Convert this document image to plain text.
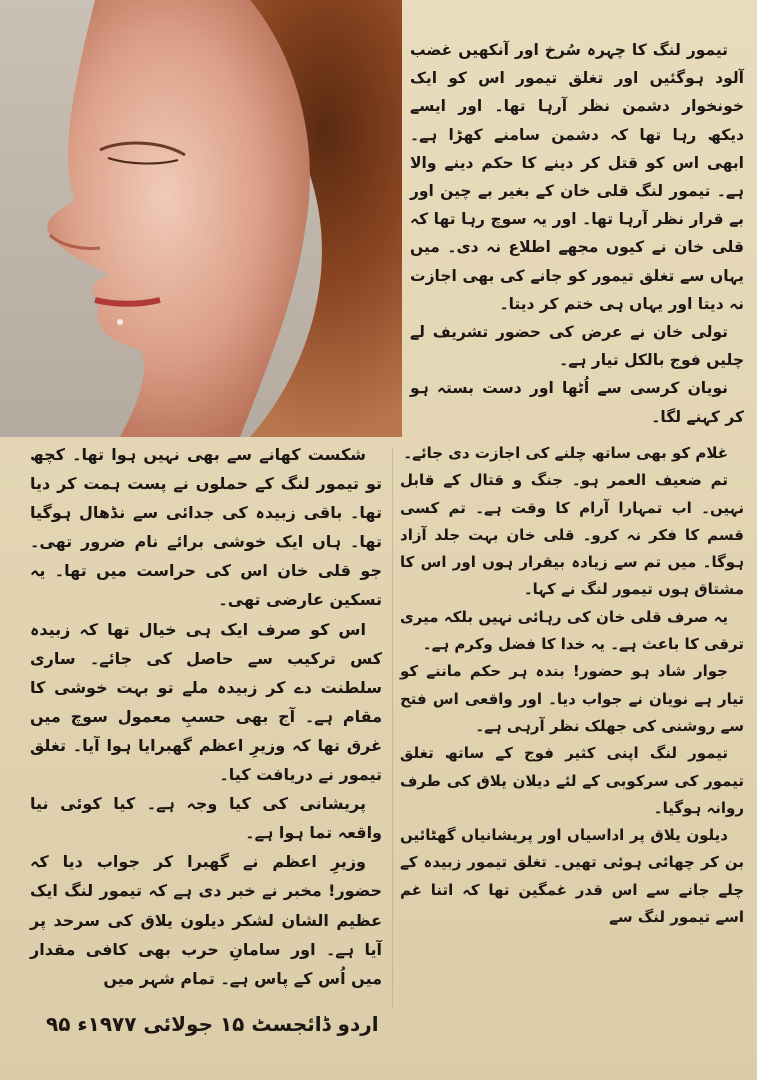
تیمور لنگ کا چہرہ سُرخ اور آنکھیں غضب آلود ہوگئیں اور تغلق تیمور اس کو ایک خونخوار دشمن نظر آرہا تھا۔ اور ایسے دیکھ رہا تھا کہ دشمن سامنے کھڑا ہے۔ ابھی اس کو قتل کر دینے کا حکم دینے والا ہے۔ تیمور لنگ قلی خان کے بغیر بے چین اور بے قرار نظر آرہا تھا۔ اور یہ سوچ رہا تھا کہ قلی خان نے کیوں مجھے اطلاع نہ دی۔ میں یہاں سے تغلق تیمور کو جانے کی بھی اجازت نہ دیتا اور یہاں ہی ختم کر دیتا۔

تولی خان نے عرض کی حضور تشریف لے چلیں فوج بالکل تیار ہے۔

نویان کرسی سے اُٹھا اور دست بستہ ہو کر کہنے لگا۔

غلام کو بھی ساتھ چلنے کی اجازت دی جائے۔

تم ضعیف العمر ہو۔ جنگ و قتال کے قابل نہیں۔ اب تمہارا آرام کا وقت ہے۔ تم کسی قسم کا فکر نہ کرو۔ قلی خان بہت جلد آزاد ہوگا۔ میں تم سے زیادہ بیقرار ہوں اور اس کا مشتاق ہوں تیمور لنگ نے کہا۔

یہ صرف قلی خان کی رہائی نہیں بلکہ میری ترقی کا باعث ہے۔ یہ خدا کا فضل وکرم ہے۔

جوار شاد ہو حضور! بندہ ہر حکم ماننے کو تیار ہے نویان نے جواب دیا۔ اور واقعی اس فتح سے روشنی کی جھلک نظر آرہی ہے۔

تیمور لنگ اپنی کثیر فوج کے ساتھ تغلق تیمور کی سرکوبی کے لئے دیلان یلاق کی طرف روانہ ہوگیا۔

دیلون یلاق پر اداسیاں اور پریشانیاں گھٹائیں بن کر چھائی ہوئی تھیں۔ تغلق تیمور زبیدہ کے چلے جانے سے اس قدر غمگین تھا کہ اتنا غم اسے تیمور لنگ سے

شکست کھانے سے بھی نہیں ہوا تھا۔ کچھ تو تیمور لنگ کے حملوں نے پست ہمت کر دیا تھا۔ باقی زبیدہ کی جدائی سے نڈھال ہوگیا تھا۔ ہاں ایک خوشی برائے نام ضرور تھی۔ جو قلی خان اس کی حراست میں تھا۔ یہ تسکین عارضی تھی۔

اس کو صرف ایک ہی خیال تھا کہ زبیدہ کس ترکیب سے حاصل کی جائے۔ ساری سلطنت دے کر زبیدہ ملے تو بہت خوشی کا مقام ہے۔ آج بھی حسبِ معمول سوچ میں غرق تھا کہ وزیرِ اعظم گھبرایا ہوا آیا۔ تغلق تیمور نے دریافت کیا۔

پریشانی کی کیا وجہ ہے۔ کیا کوئی نیا واقعہ تما ہوا ہے۔

وزیرِ اعظم نے گھبرا کر جواب دیا کہ حضور! مخبر نے خبر دی ہے کہ تیمور لنگ ایک عظیم الشان لشکر دیلون یلاق کی سرحد پر آیا ہے۔ اور سامانِ حرب بھی کافی مقدار میں اُس کے پاس ہے۔ تمام شہر میں

اردو ڈائجسٹ ۱۵ جولائی ۱۹۷۷ء ۹۵
